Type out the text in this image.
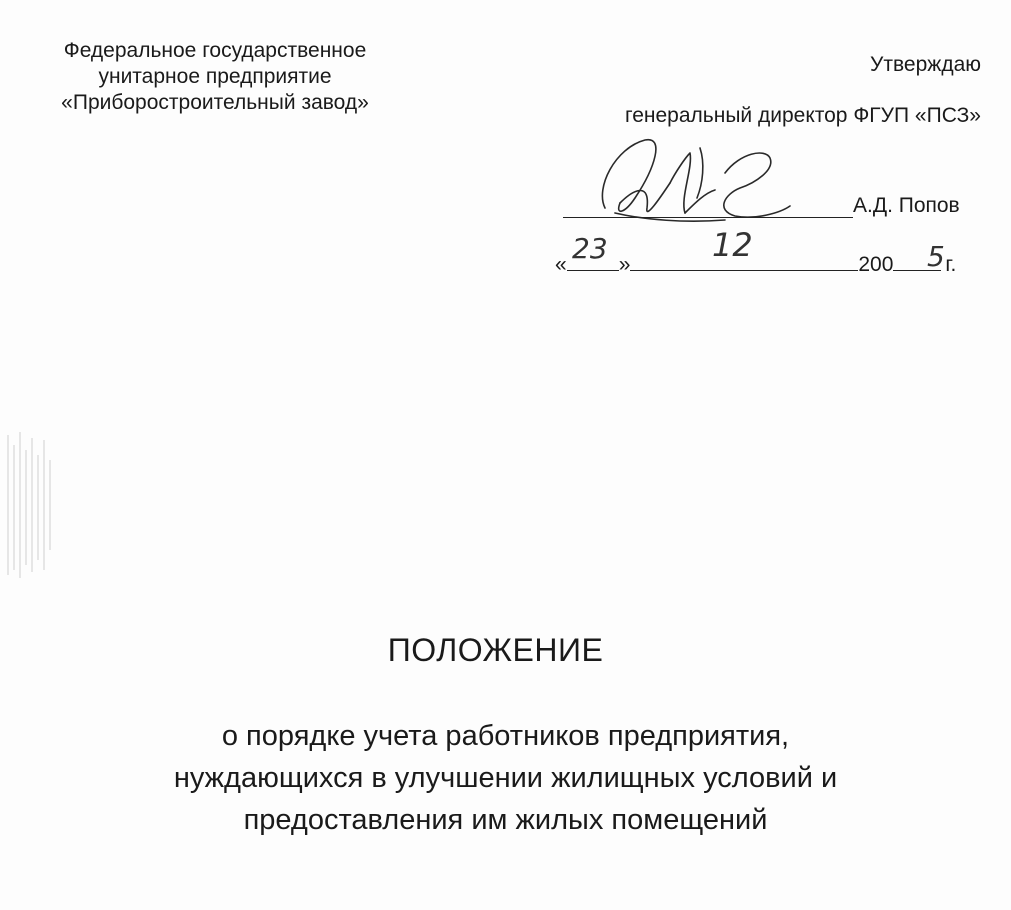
Федеральное государственное
унитарное предприятие
«Приборостроительный завод»
Утверждаю
генеральный директор ФГУП «ПСЗ»
А.Д. Попов
« »	200 г.
23	12	5
ПОЛОЖЕНИЕ
о порядке учета работников предприятия,
нуждающихся в улучшении жилищных условий и
предоставления им жилых помещений
